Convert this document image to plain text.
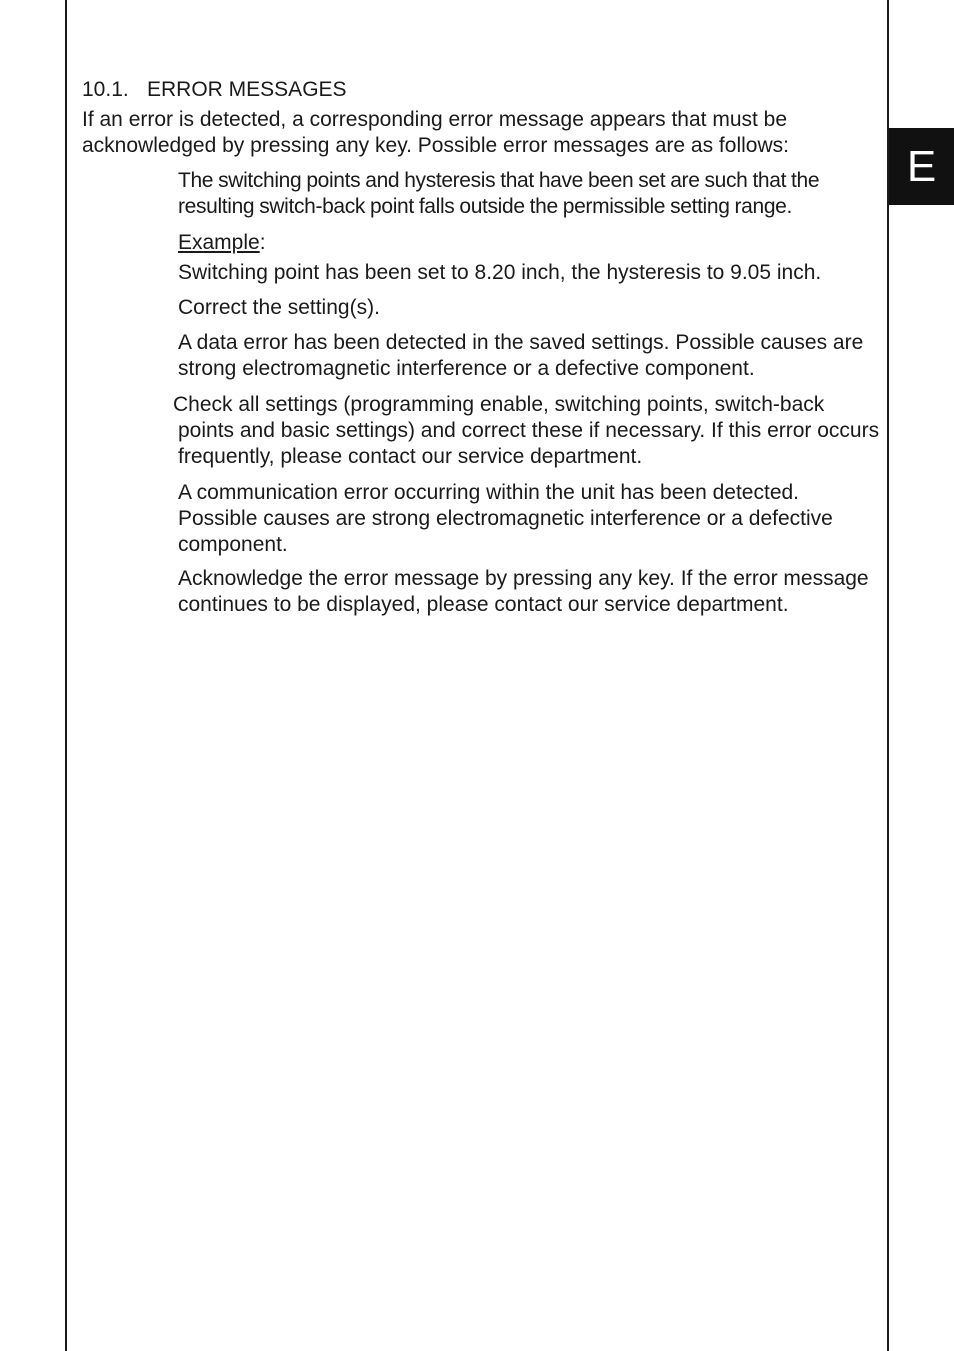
E
10.1. ERROR MESSAGES
If an error is detected, a corresponding error message appears that must be acknowledged by pressing any key. Possible error messages are as follows:
The switching points and hysteresis that have been set are such that the resulting switch-back point falls outside the permissible setting range.
Example:
Switching point has been set to 8.20 inch, the hysteresis to 9.05 inch.
Correct the setting(s).
A data error has been detected in the saved settings. Possible causes are strong electromagnetic interference or a defective component.
Check all settings (programming enable, switching points, switch-back
points and basic settings) and correct these if necessary. If this error occurs frequently, please contact our service department.
A communication error occurring within the unit has been detected. Possible causes are strong electromagnetic interference or a defective component.
Acknowledge the error message by pressing any key. If the error message continues to be displayed, please contact our service department.
